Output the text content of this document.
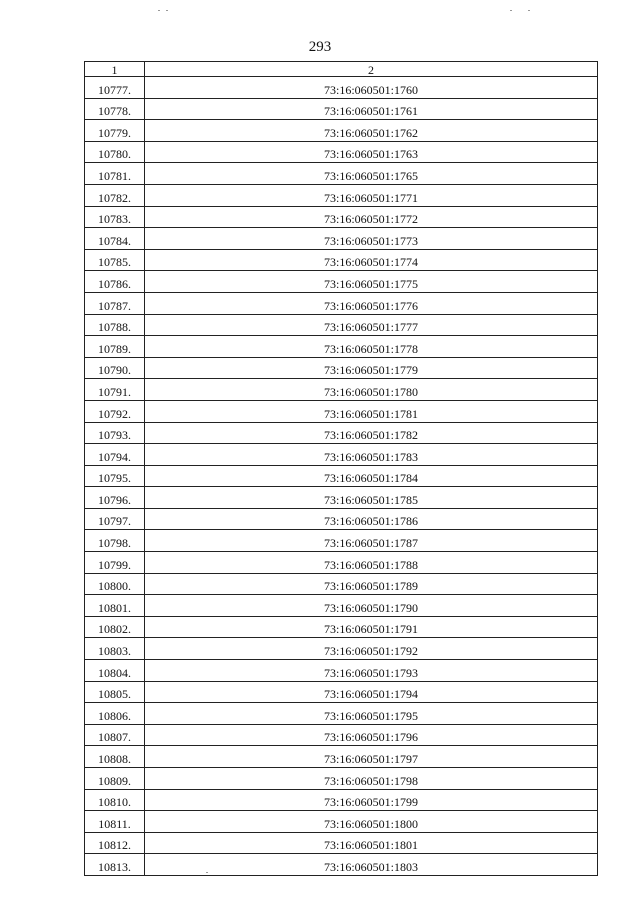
293
1	2
10777.	73:16:060501:1760
10778.	73:16:060501:1761
10779.	73:16:060501:1762
10780.	73:16:060501:1763
10781.	73:16:060501:1765
10782.	73:16:060501:1771
10783.	73:16:060501:1772
10784.	73:16:060501:1773
10785.	73:16:060501:1774
10786.	73:16:060501:1775
10787.	73:16:060501:1776
10788.	73:16:060501:1777
10789.	73:16:060501:1778
10790.	73:16:060501:1779
10791.	73:16:060501:1780
10792.	73:16:060501:1781
10793.	73:16:060501:1782
10794.	73:16:060501:1783
10795.	73:16:060501:1784
10796.	73:16:060501:1785
10797.	73:16:060501:1786
10798.	73:16:060501:1787
10799.	73:16:060501:1788
10800.	73:16:060501:1789
10801.	73:16:060501:1790
10802.	73:16:060501:1791
10803.	73:16:060501:1792
10804.	73:16:060501:1793
10805.	73:16:060501:1794
10806.	73:16:060501:1795
10807.	73:16:060501:1796
10808.	73:16:060501:1797
10809.	73:16:060501:1798
10810.	73:16:060501:1799
10811.	73:16:060501:1800
10812.	73:16:060501:1801
10813.	73:16:060501:1803
